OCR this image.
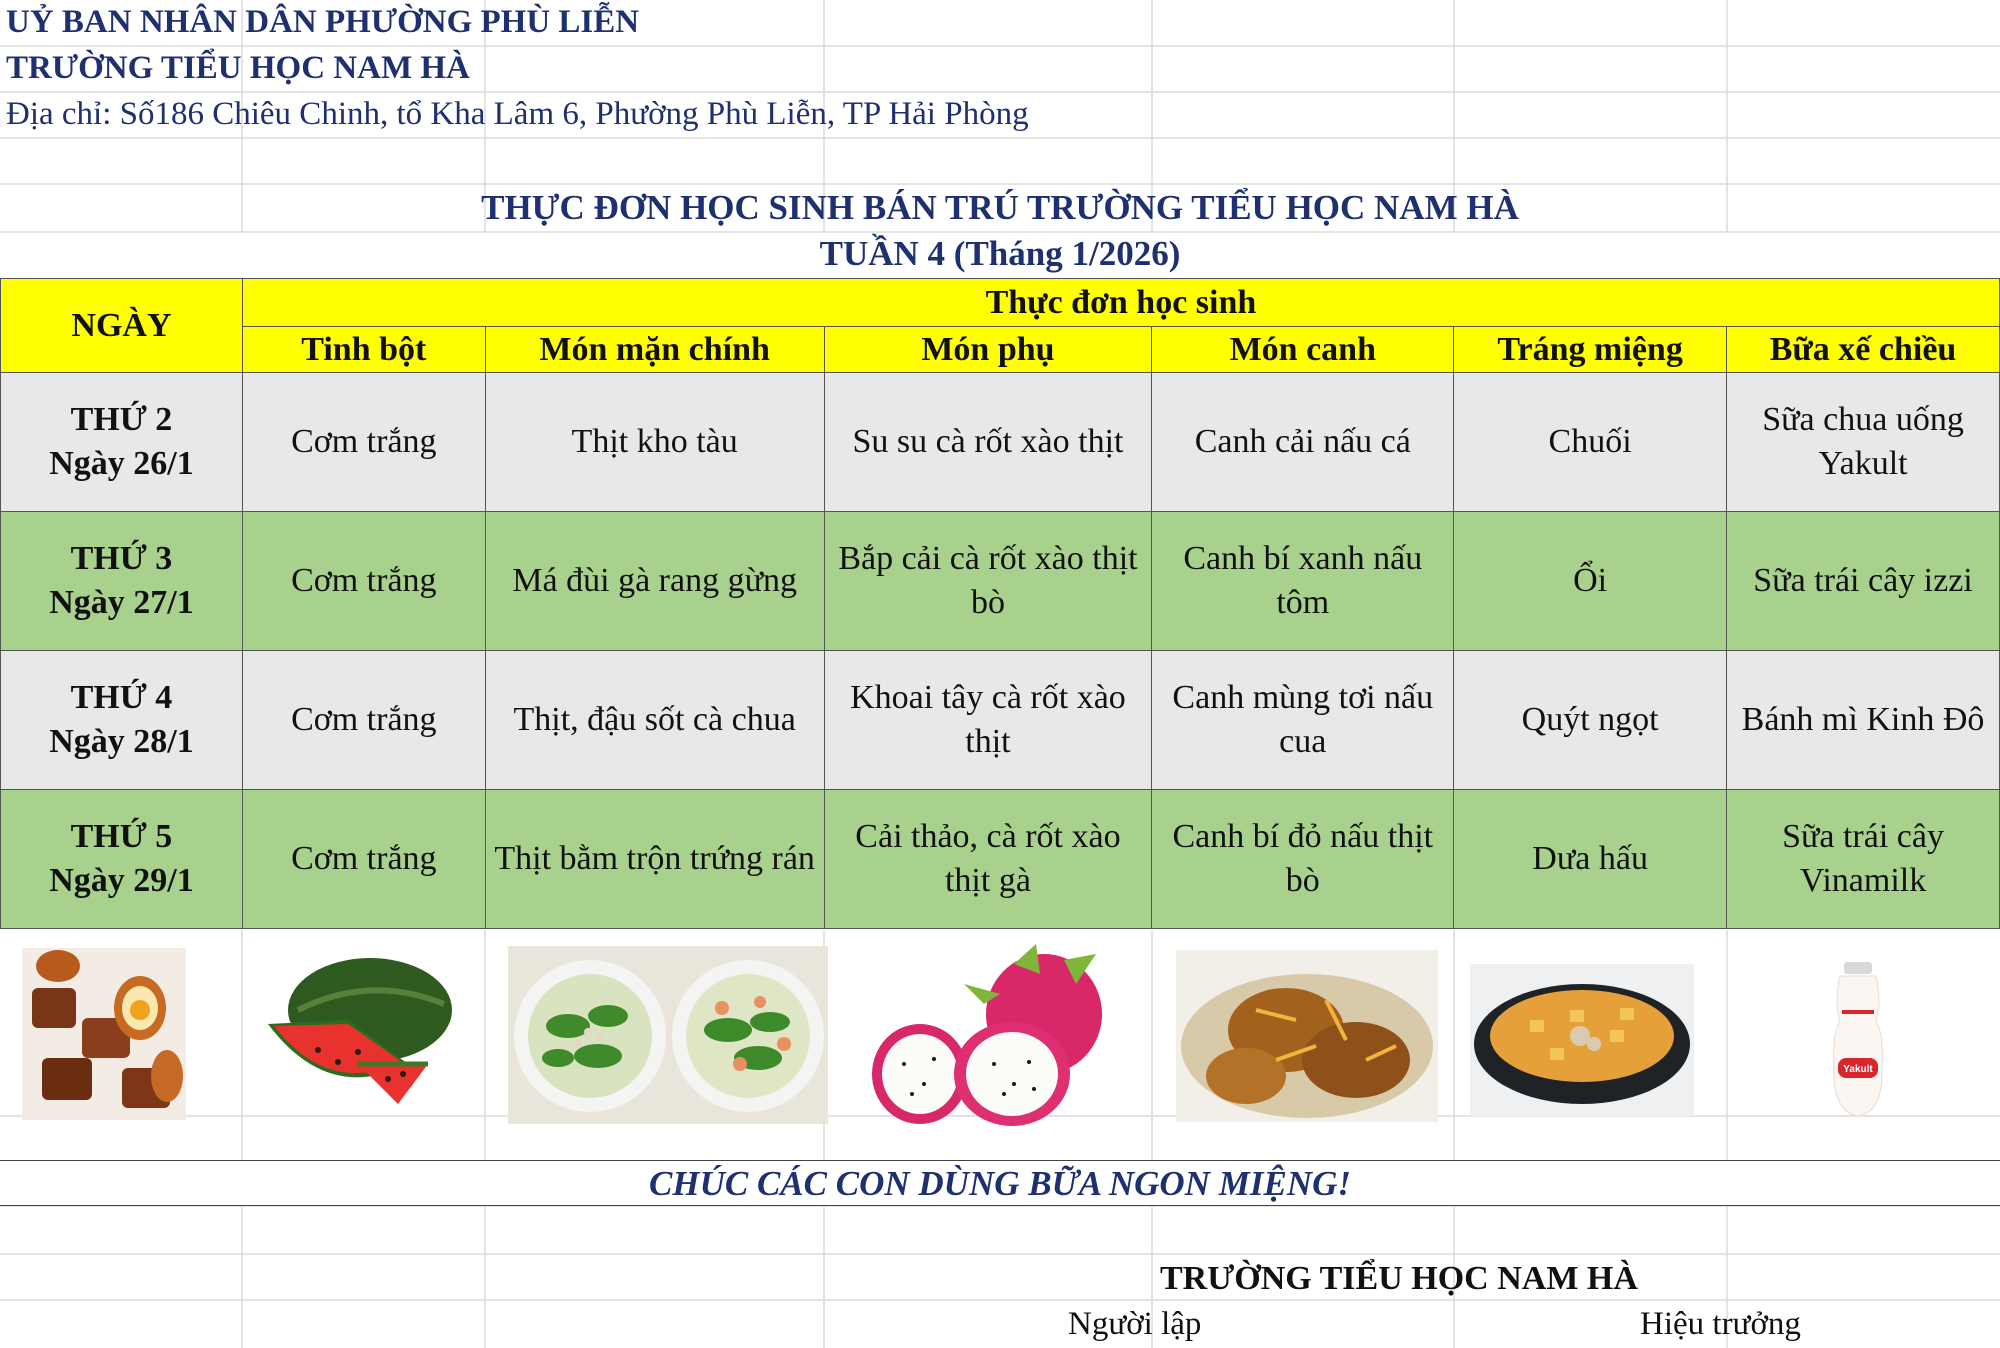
UỶ BAN NHÂN DÂN PHƯỜNG PHÙ LIỄN
TRƯỜNG TIỂU HỌC NAM HÀ
Địa chỉ: Số186 Chiêu Chinh, tổ Kha Lâm 6, Phường Phù Liễn, TP Hải Phòng
THỰC ĐƠN HỌC SINH BÁN TRÚ TRƯỜNG TIỂU HỌC NAM HÀ
TUẦN 4 (Tháng 1/2026)
NGÀY	Thực đơn học sinh					
	Tinh bột	Món mặn chính	Món phụ	Món canh	Tráng miệng	Bữa xế chiều
THỨ 2
Ngày 26/1	Cơm trắng	Thịt kho tàu	Su su cà rốt xào thịt	Canh cải nấu cá	Chuối	Sữa chua uống Yakult
THỨ 3
Ngày 27/1	Cơm trắng	Má đùi gà rang gừng	Bắp cải cà rốt xào thịt bò	Canh bí xanh nấu tôm	Ổi	Sữa trái cây izzi
THỨ 4
Ngày 28/1	Cơm trắng	Thịt, đậu sốt cà chua	Khoai tây cà rốt xào thịt	Canh mùng tơi nấu cua	Quýt ngọt	Bánh mì Kinh Đô
THỨ 5
Ngày 29/1	Cơm trắng	Thịt bằm trộn trứng rán	Cải thảo, cà rốt xào thịt gà	Canh bí đỏ nấu thịt bò	Dưa hấu	Sữa trái cây Vinamilk
Yakult
CHÚC CÁC CON DÙNG BỮA NGON MIỆNG!
TRƯỜNG TIỂU HỌC NAM HÀ
Người lập	Hiệu trưởng
